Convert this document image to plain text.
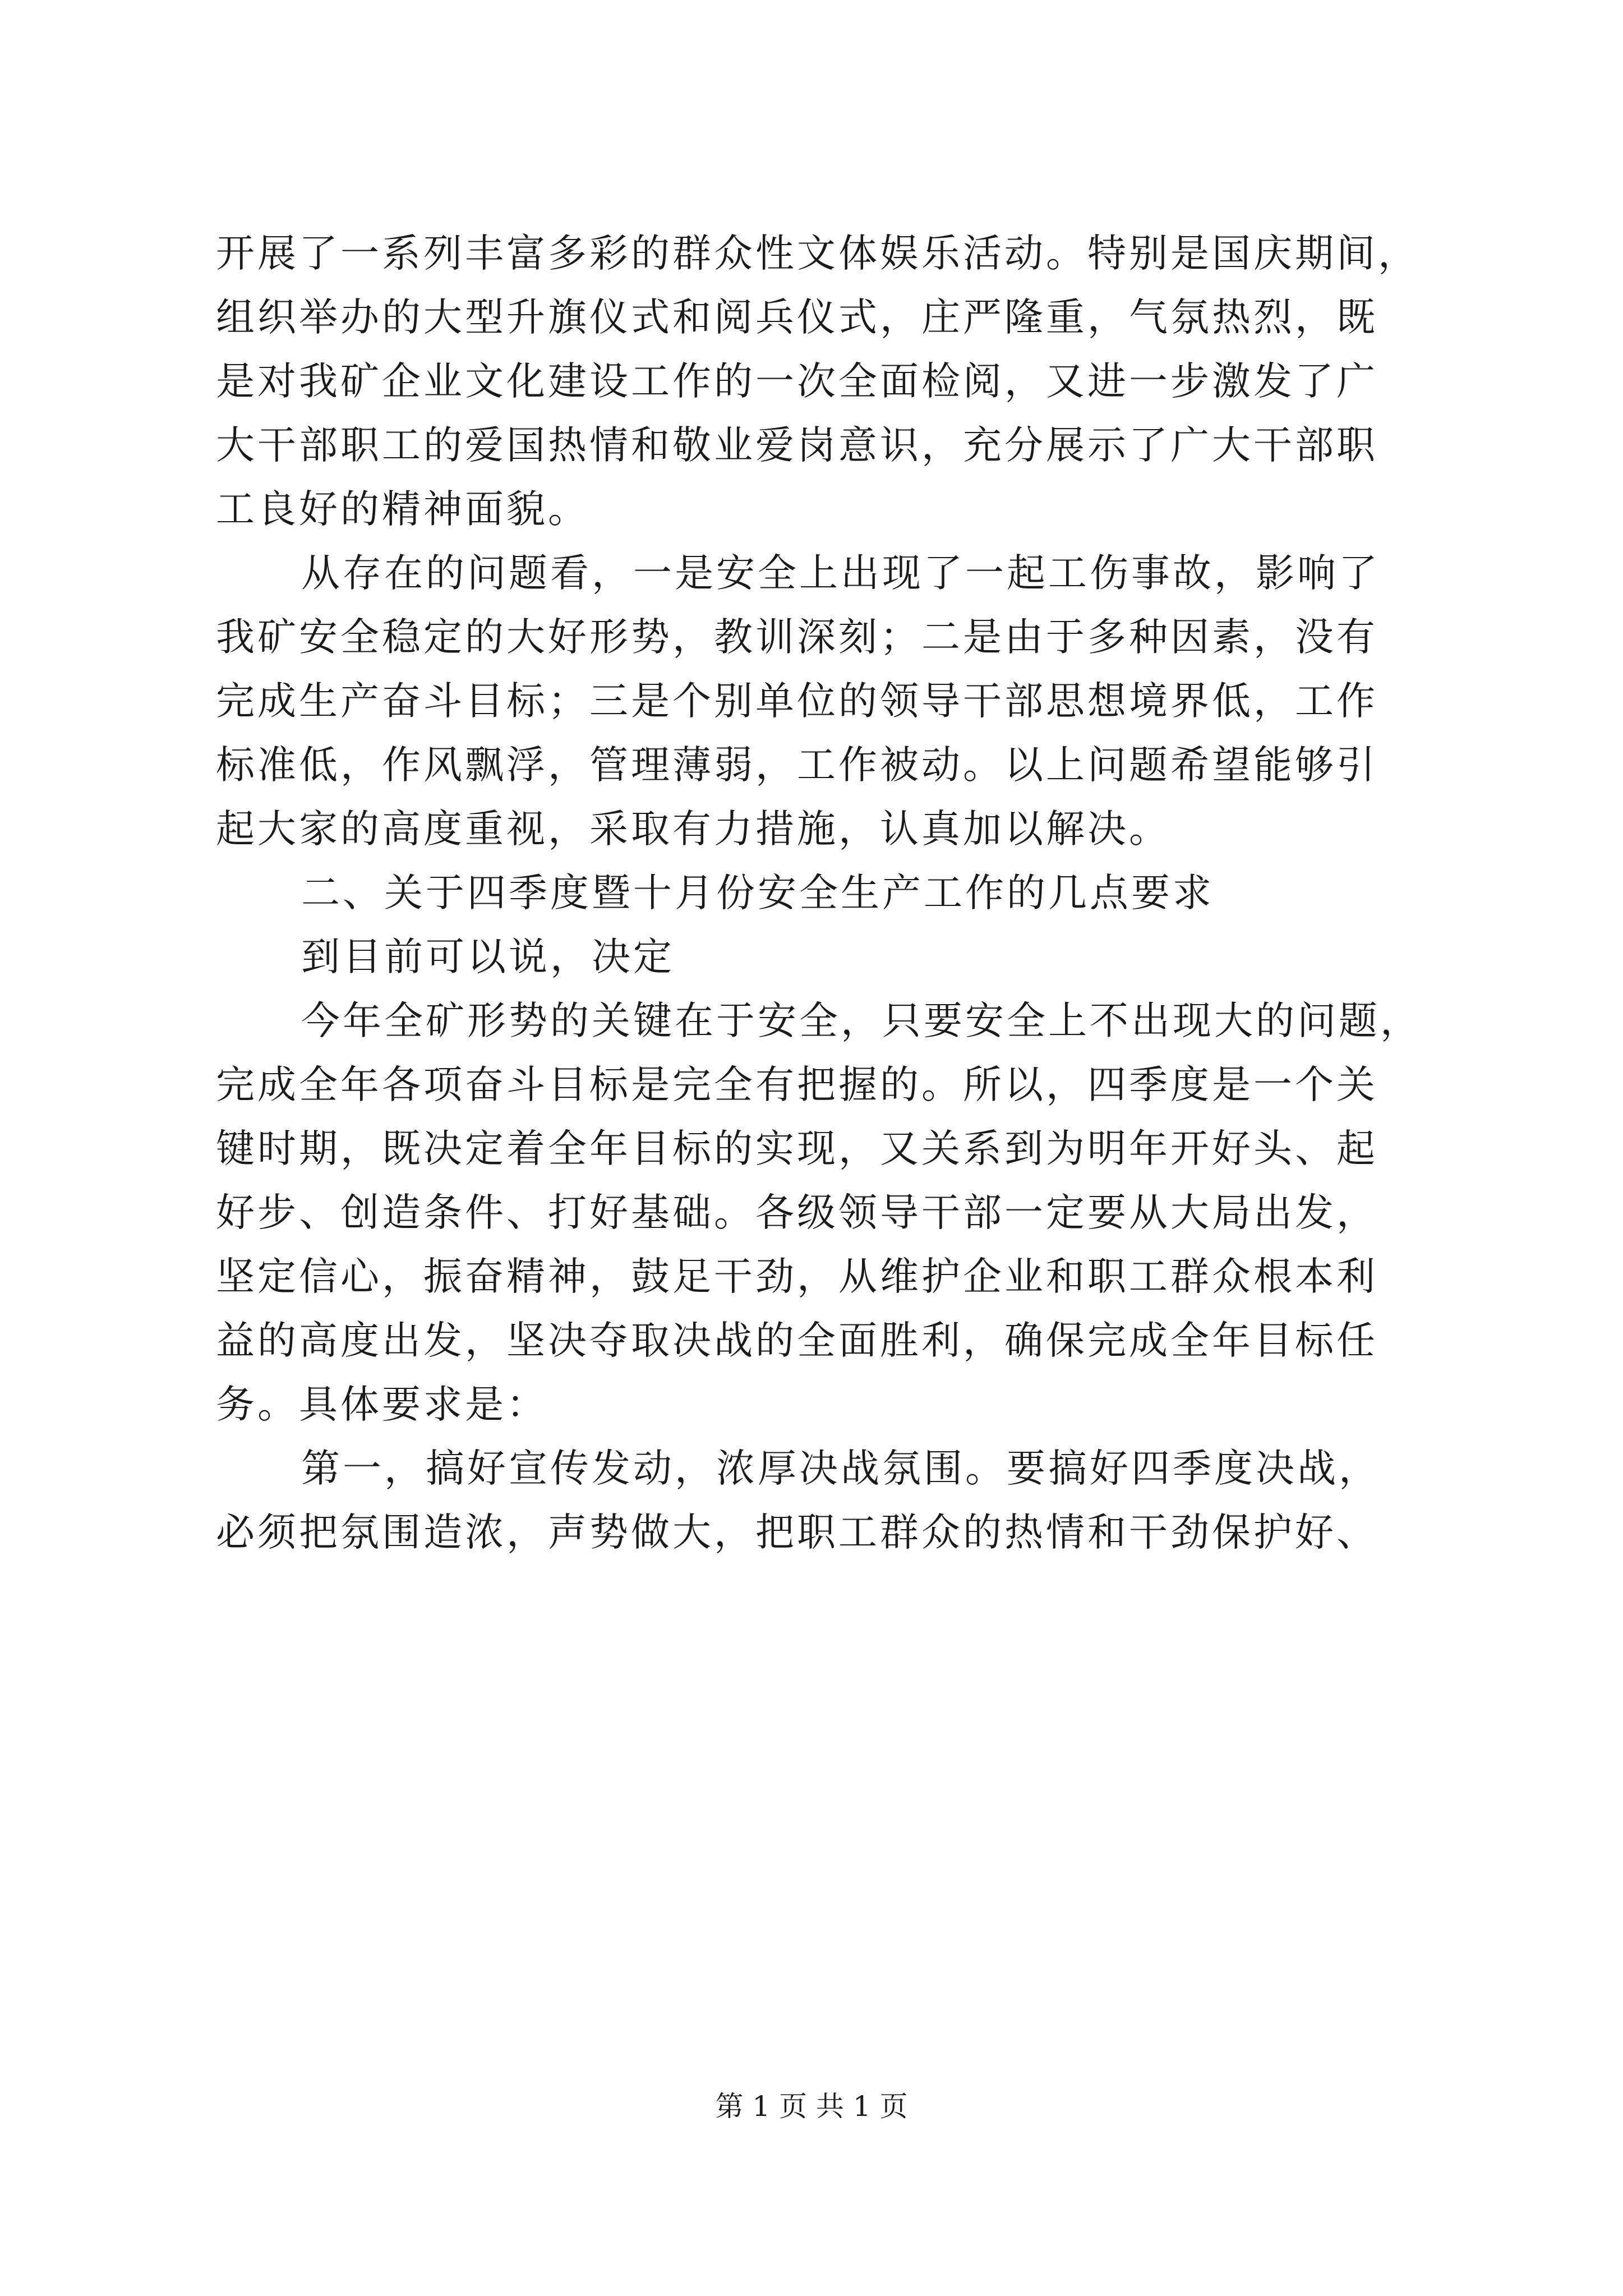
开展了一系列丰富多彩的群众性文体娱乐活动。特别是国庆期间，
组织举办的大型升旗仪式和阅兵仪式，庄严隆重，气氛热烈，既
是对我矿企业文化建设工作的一次全面检阅，又进一步激发了广
大干部职工的爱国热情和敬业爱岗意识，充分展示了广大干部职
工良好的精神面貌。
从存在的问题看，一是安全上出现了一起工伤事故，影响了
我矿安全稳定的大好形势，教训深刻；二是由于多种因素，没有
完成生产奋斗目标；三是个别单位的领导干部思想境界低，工作
标准低，作风飘浮，管理薄弱，工作被动。以上问题希望能够引
起大家的高度重视，采取有力措施，认真加以解决。
二、关于四季度暨十月份安全生产工作的几点要求
到目前可以说，决定
今年全矿形势的关键在于安全，只要安全上不出现大的问题，
完成全年各项奋斗目标是完全有把握的。所以，四季度是一个关
键时期，既决定着全年目标的实现，又关系到为明年开好头、起
好步、创造条件、打好基础。各级领导干部一定要从大局出发，
坚定信心，振奋精神，鼓足干劲，从维护企业和职工群众根本利
益的高度出发，坚决夺取决战的全面胜利，确保完成全年目标任
务。具体要求是：
第一，搞好宣传发动，浓厚决战氛围。要搞好四季度决战，
必须把氛围造浓，声势做大，把职工群众的热情和干劲保护好、
第 1 页 共 1 页
